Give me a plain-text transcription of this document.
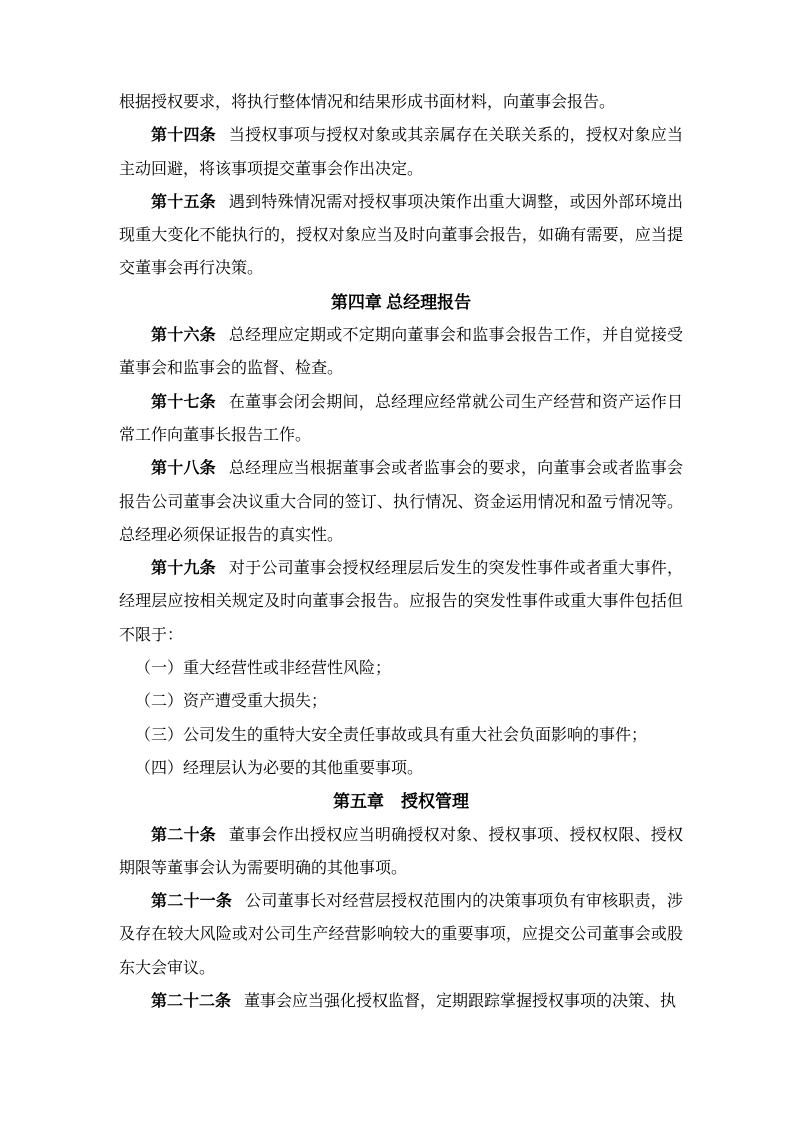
根据授权要求，将执行整体情况和结果形成书面材料，向董事会报告。

第十四条 当授权事项与授权对象或其亲属存在关联关系的，授权对象应当主动回避，将该事项提交董事会作出决定。

第十五条 遇到特殊情况需对授权事项决策作出重大调整，或因外部环境出现重大变化不能执行的，授权对象应当及时向董事会报告，如确有需要，应当提交董事会再行决策。

第四章 总经理报告

第十六条 总经理应定期或不定期向董事会和监事会报告工作，并自觉接受董事会和监事会的监督、检查。

第十七条 在董事会闭会期间，总经理应经常就公司生产经营和资产运作日常工作向董事长报告工作。

第十八条 总经理应当根据董事会或者监事会的要求，向董事会或者监事会报告公司董事会决议重大合同的签订、执行情况、资金运用情况和盈亏情况等。总经理必须保证报告的真实性。

第十九条 对于公司董事会授权经理层后发生的突发性事件或者重大事件，经理层应按相关规定及时向董事会报告。应报告的突发性事件或重大事件包括但不限于：

（一）重大经营性或非经营性风险；

（二）资产遭受重大损失；

（三）公司发生的重特大安全责任事故或具有重大社会负面影响的事件；

（四）经理层认为必要的其他重要事项。

第五章　授权管理

第二十条 董事会作出授权应当明确授权对象、授权事项、授权权限、授权期限等董事会认为需要明确的其他事项。

第二十一条 公司董事长对经营层授权范围内的决策事项负有审核职责，涉及存在较大风险或对公司生产经营影响较大的重要事项，应提交公司董事会或股东大会审议。

第二十二条 董事会应当强化授权监督，定期跟踪掌握授权事项的决策、执
